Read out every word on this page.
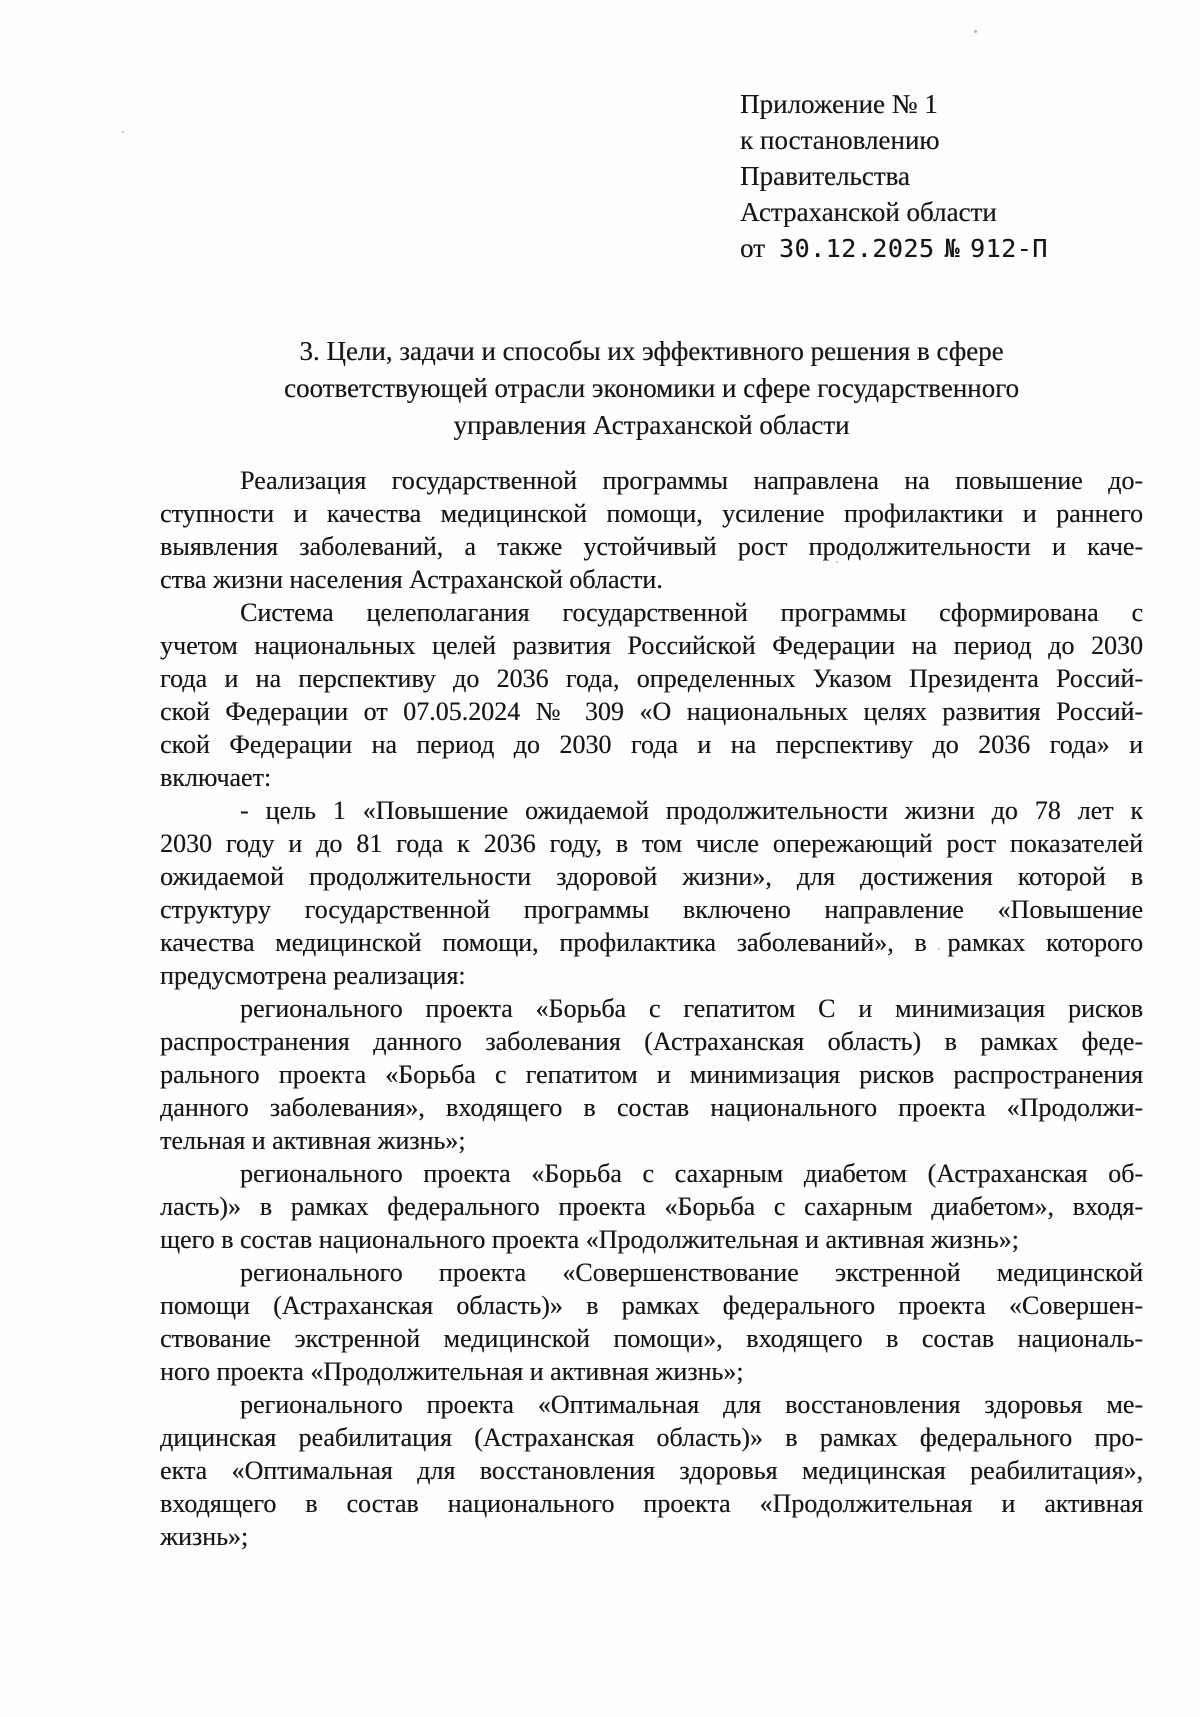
Приложение № 1
к постановлению
Правительства
Астраханской области
от 30.12.2025 № 912-П
3. Цели, задачи и способы их эффективного решения в сфере
соответствующей отрасли экономики и сфере государственного
управления Астраханской области
Реализация государственной программы направлена на повышение до-
ступности и качества медицинской помощи, усиление профилактики и раннего
выявления заболеваний, а также устойчивый рост продолжительности и каче-
ства жизни населения Астраханской области.
Система целеполагания государственной программы сформирована с
учетом национальных целей развития Российской Федерации на период до 2030
года и на перспективу до 2036 года, определенных Указом Президента Россий-
ской Федерации от 07.05.2024 № 309 «О национальных целях развития Россий-
ской Федерации на период до 2030 года и на перспективу до 2036 года» и
включает:
- цель 1 «Повышение ожидаемой продолжительности жизни до 78 лет к
2030 году и до 81 года к 2036 году, в том числе опережающий рост показателей
ожидаемой продолжительности здоровой жизни», для достижения которой в
структуру государственной программы включено направление «Повышение
качества медицинской помощи, профилактика заболеваний», в рамках которого
предусмотрена реализация:
регионального проекта «Борьба с гепатитом С и минимизация рисков
распространения данного заболевания (Астраханская область) в рамках феде-
рального проекта «Борьба с гепатитом и минимизация рисков распространения
данного заболевания», входящего в состав национального проекта «Продолжи-
тельная и активная жизнь»;
регионального проекта «Борьба с сахарным диабетом (Астраханская об-
ласть)» в рамках федерального проекта «Борьба с сахарным диабетом», входя-
щего в состав национального проекта «Продолжительная и активная жизнь»;
регионального проекта «Совершенствование экстренной медицинской
помощи (Астраханская область)» в рамках федерального проекта «Совершен-
ствование экстренной медицинской помощи», входящего в состав националь-
ного проекта «Продолжительная и активная жизнь»;
регионального проекта «Оптимальная для восстановления здоровья ме-
дицинская реабилитация (Астраханская область)» в рамках федерального про-
екта «Оптимальная для восстановления здоровья медицинская реабилитация»,
входящего в состав национального проекта «Продолжительная и активная
жизнь»;
